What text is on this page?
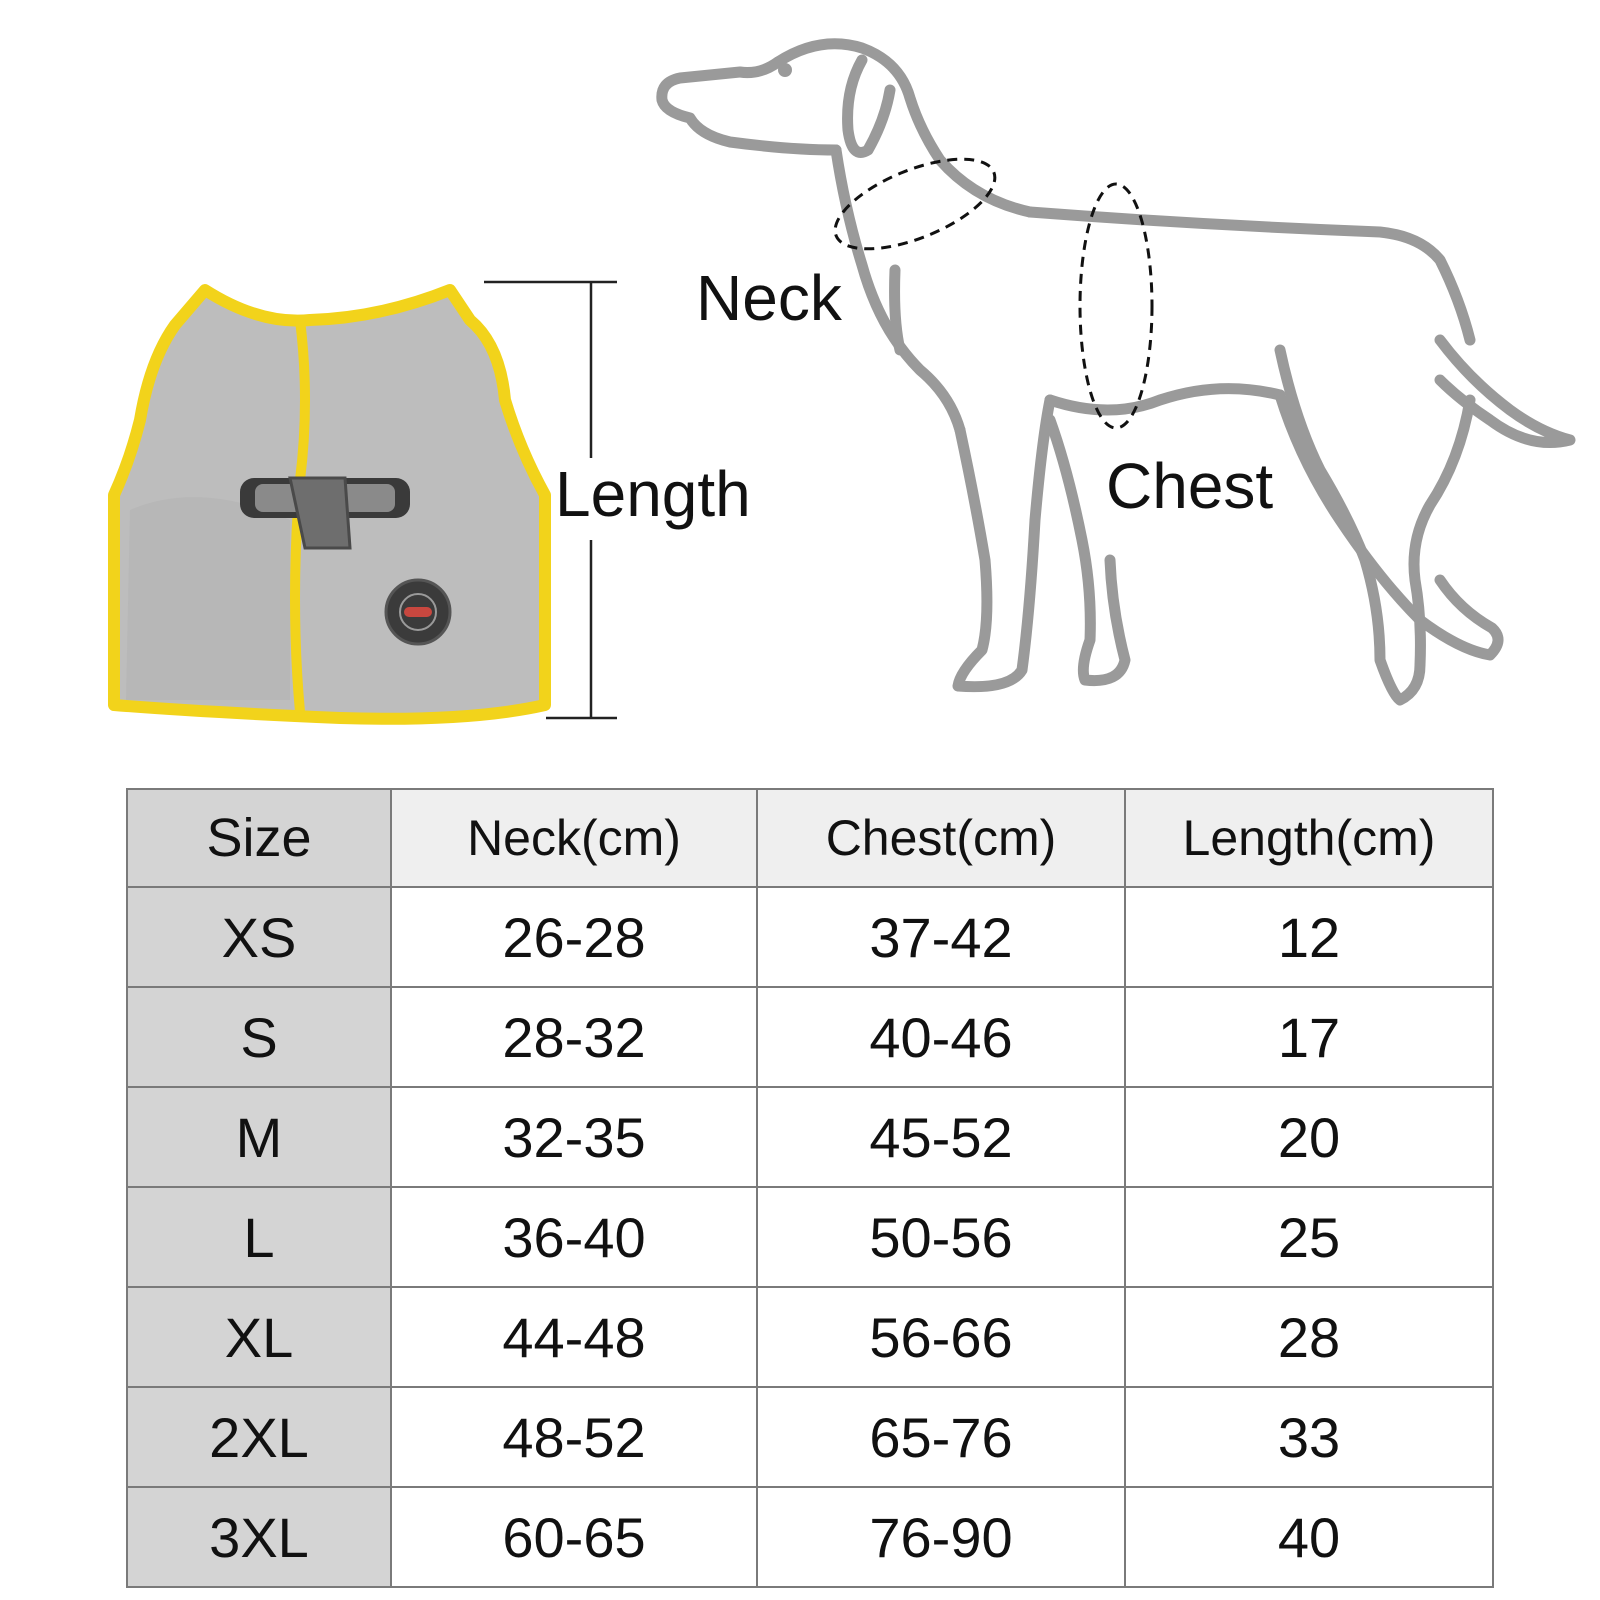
Length
Neck
Chest
Size	Neck(cm)	Chest(cm)	Length(cm)
XS	26-28	37-42	12
S	28-32	40-46	17
M	32-35	45-52	20
L	36-40	50-56	25
XL	44-48	56-66	28
2XL	48-52	65-76	33
3XL	60-65	76-90	40
